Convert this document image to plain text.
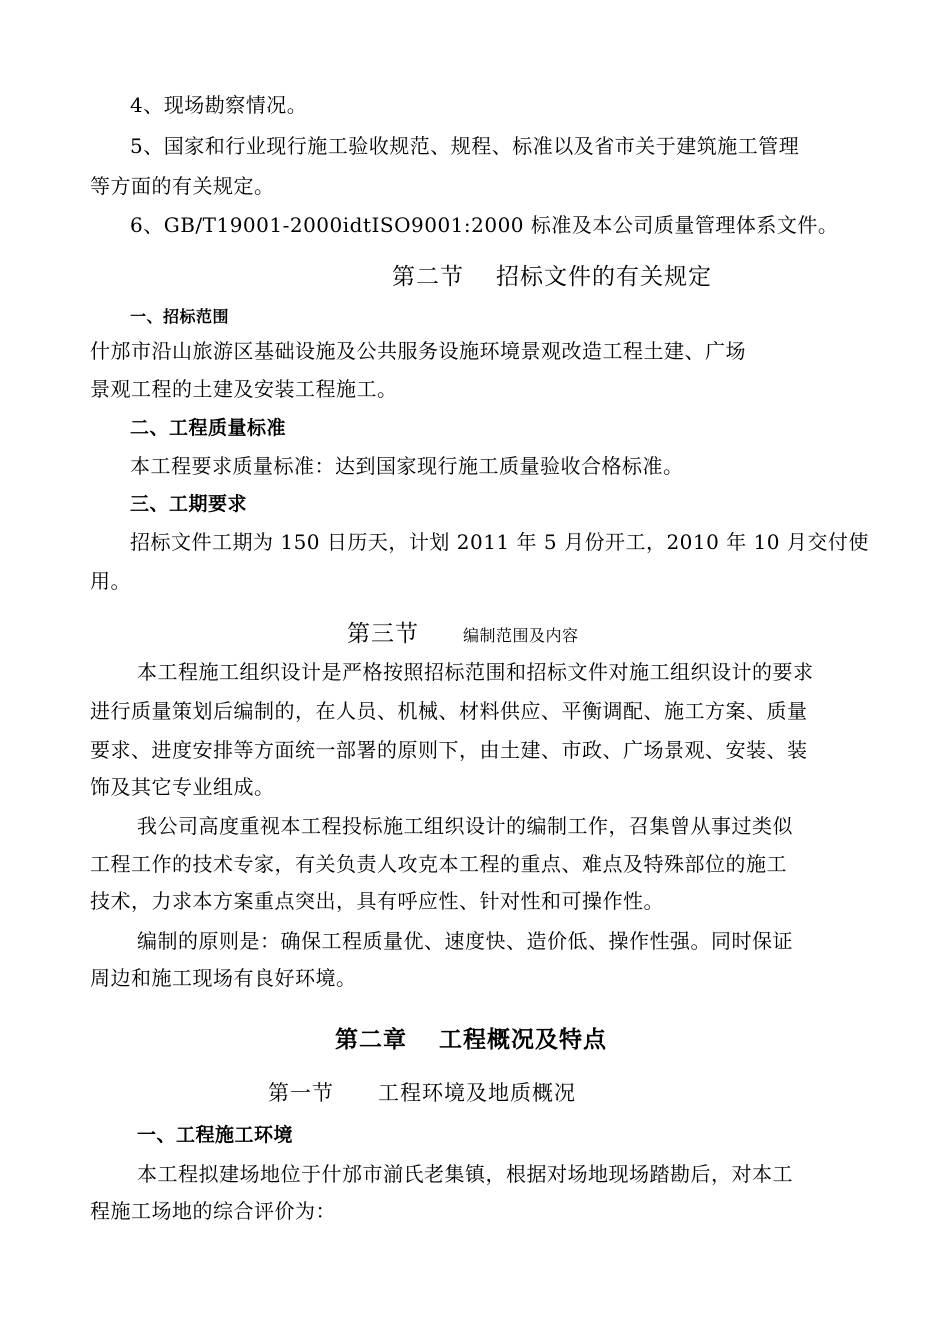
4、现场勘察情况。
5、国家和行业现行施工验收规范、规程、标准以及省市关于建筑施工管理
等方面的有关规定。
6、GB/T19001-2000idtISO9001:2000 标准及本公司质量管理体系文件。
第二节 招标文件的有关规定
一、招标范围
什邡市沿山旅游区基础设施及公共服务设施环境景观改造工程土建、广场
景观工程的土建及安装工程施工。
二、工程质量标准
本工程要求质量标准：达到国家现行施工质量验收合格标准。
三、工期要求
招标文件工期为 150 日历天，计划 2011 年 5 月份开工，2010 年 10 月交付使
用。
第三节	编制范围及内容
本工程施工组织设计是严格按照招标范围和招标文件对施工组织设计的要求
进行质量策划后编制的，在人员、机械、材料供应、平衡调配、施工方案、质量
要求、进度安排等方面统一部署的原则下，由土建、市政、广场景观、安装、装
饰及其它专业组成。
我公司高度重视本工程投标施工组织设计的编制工作，召集曾从事过类似
工程工作的技术专家，有关负责人攻克本工程的重点、难点及特殊部位的施工
技术，力求本方案重点突出，具有呼应性、针对性和可操作性。
编制的原则是：确保工程质量优、速度快、造价低、操作性强。同时保证
周边和施工现场有良好环境。
第二章 工程概况及特点
第一节 工程环境及地质概况
一、工程施工环境
本工程拟建场地位于什邡市湔氏老集镇，根据对场地现场踏勘后，对本工
程施工场地的综合评价为：
